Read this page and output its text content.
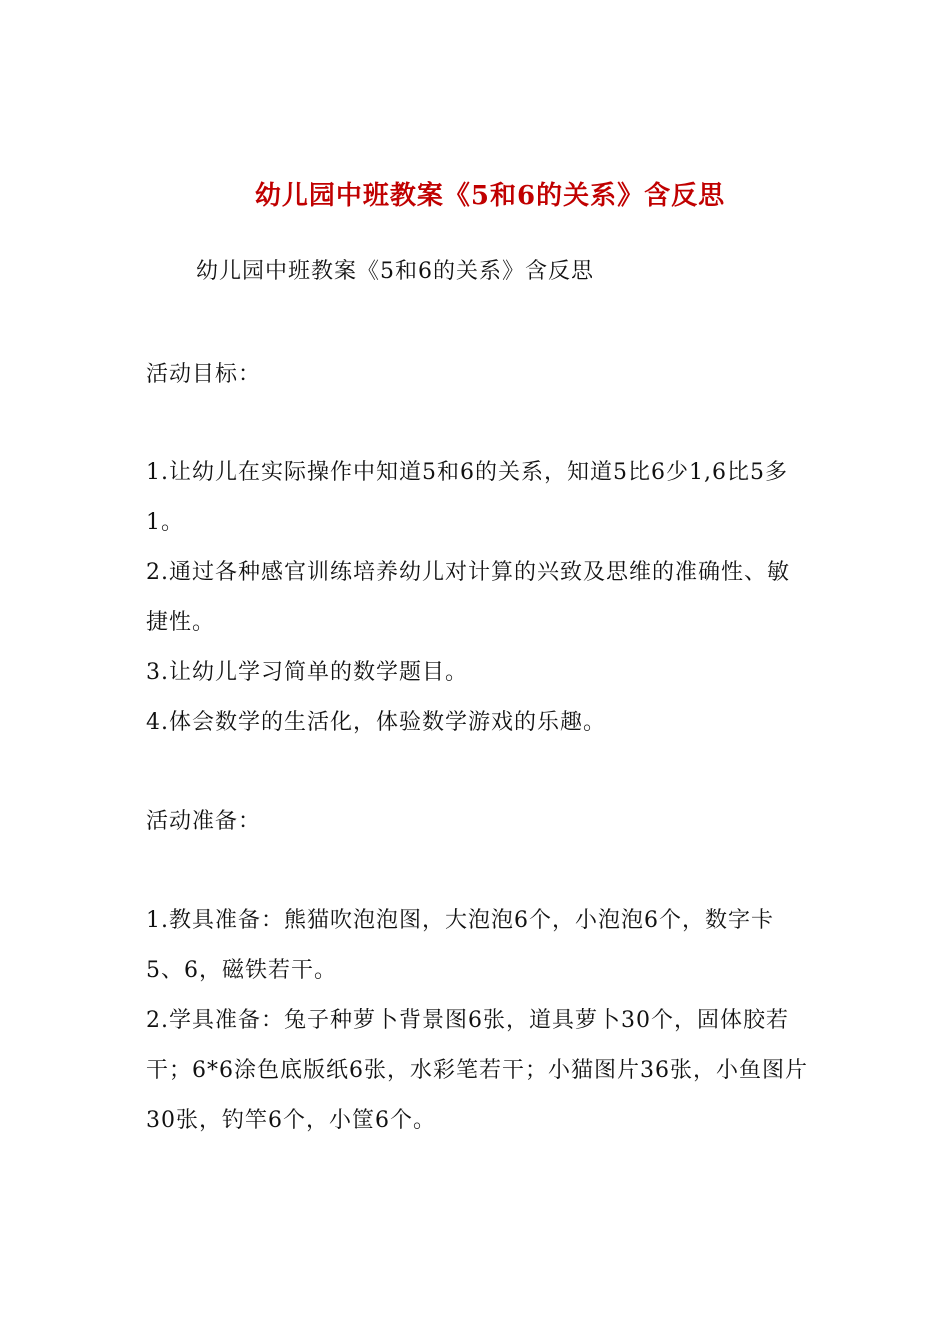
幼儿园中班教案《5和6的关系》含反思
幼儿园中班教案《5和6的关系》含反思

活动目标：

1.让幼儿在实际操作中知道5和6的关系，知道5比6少1,6比5多1。

2.通过各种感官训练培养幼儿对计算的兴致及思维的准确性、敏捷性。

3.让幼儿学习简单的数学题目。

4.体会数学的生活化，体验数学游戏的乐趣。

活动准备：

1.教具准备：熊猫吹泡泡图，大泡泡6个，小泡泡6个，数字卡5、6，磁铁若干。

2.学具准备：兔子种萝卜背景图6张，道具萝卜30个，固体胶若干；6*6涂色底版纸6张，水彩笔若干；小猫图片36张，小鱼图片30张，钓竿6个，小筐6个。
